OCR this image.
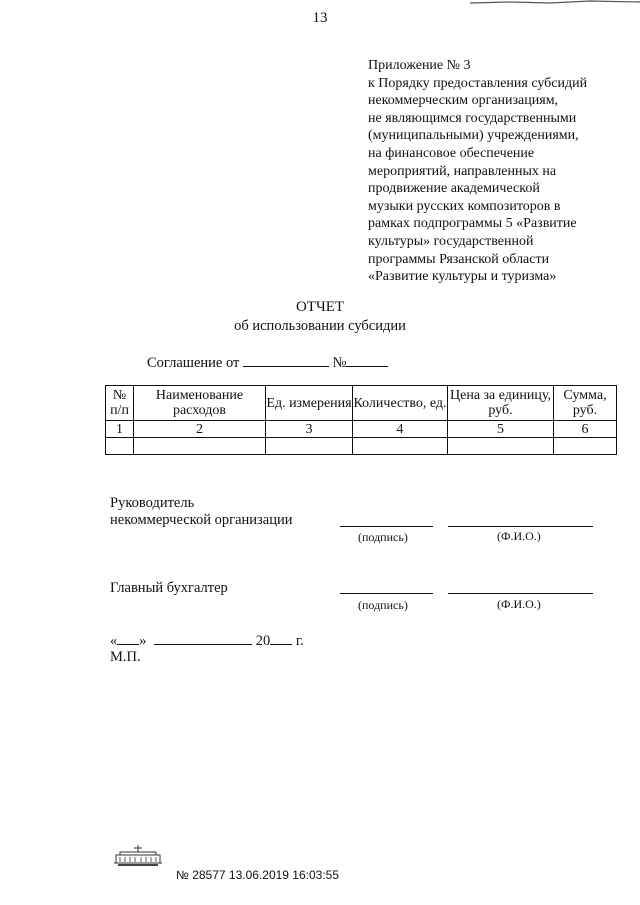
13
Приложение № 3
к Порядку предоставления субсидий
некоммерческим организациям,
не являющимся государственными
(муниципальными) учреждениями,
на финансовое обеспечение
мероприятий, направленных на
продвижение академической
музыки русских композиторов в
рамках подпрограммы 5 «Развитие
культуры» государственной
программы Рязанской области
«Развитие культуры и туризма»
ОТЧЕТ
об использовании субсидии
Соглашение от	№
№ п/п	Наименование расходов	Ед. измерения	Количество, ед.	Цена за единицу, руб.	Сумма, руб.
1	2	3	4	5	6

Руководитель
некоммерческой организации
(подпись)	(Ф.И.О.)
Главный бухгалтер
(подпись)	(Ф.И.О.)
« »	20 г.
М.П.
№ 28577 13.06.2019 16:03:55
